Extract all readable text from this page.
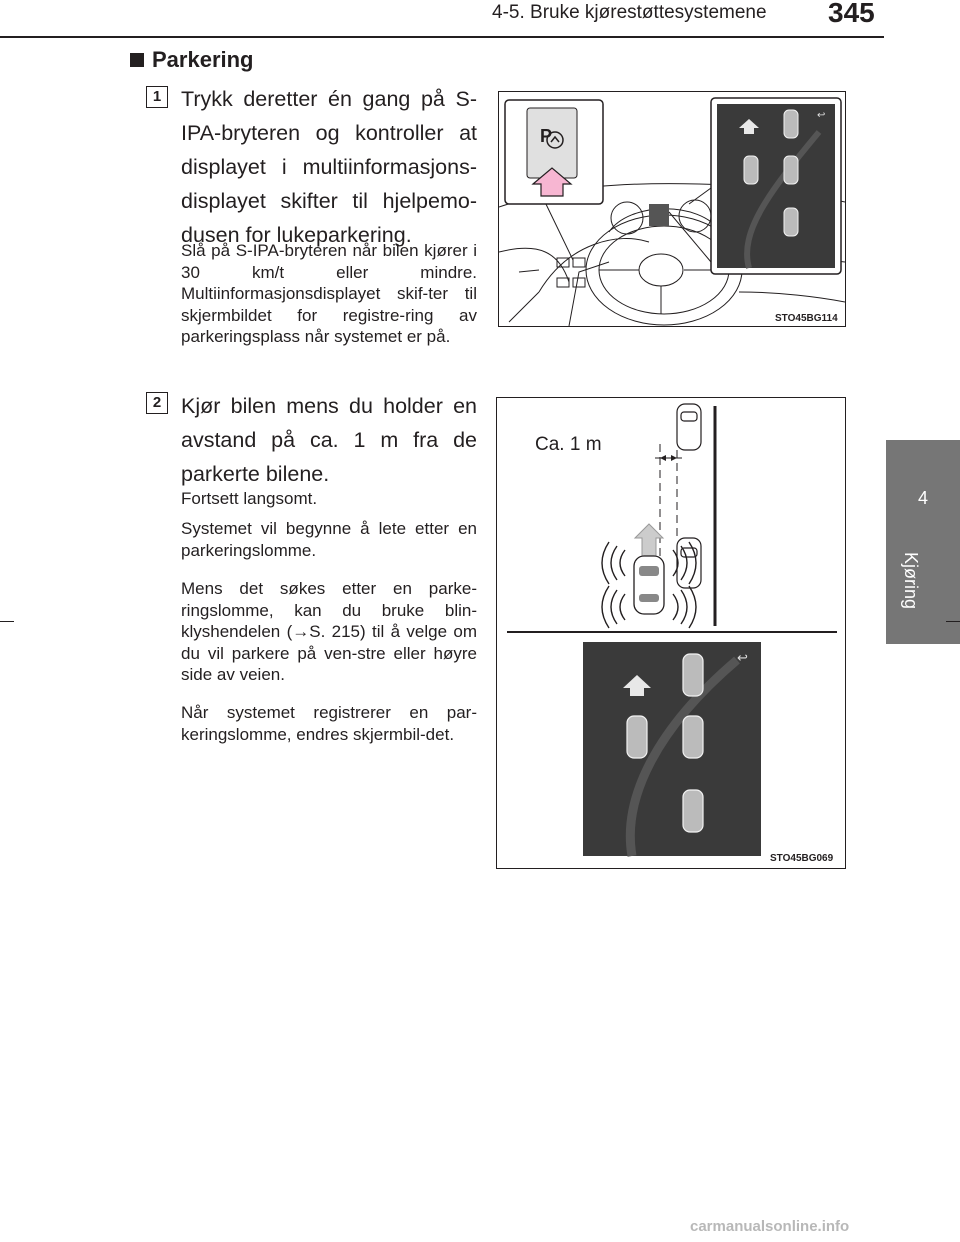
4-5. Bruke kjørestøttesystemene 345
4
Kjøring
Parkering
1 Trykk deretter én gang på S-IPA-bryteren og kontroller at displayet i multiinformasjons-displayet skifter til hjelpemo-dusen for lukeparkering.

Slå på S-IPA-bryteren når bilen kjører i 30 km/t eller mindre. Multiinformasjonsdisplayet skif-ter til skjermbildet for registre-ring av parkeringsplass når systemet er på.

P
↩
STO45BG114
2 Kjør bilen mens du holder en avstand på ca. 1 m fra de parkerte bilene.

Fortsett langsomt.

Systemet vil begynne å lete etter en parkeringslomme.

Mens det søkes etter en parke-ringslomme, kan du bruke blin-klyshendelen (→S. 215) til å velge om du vil parkere på ven-stre eller høyre side av veien.

Når systemet registrerer en par-keringslomme, endres skjermbil-det.

Ca. 1 m
↩
STO45BG069
carmanualsonline.info
